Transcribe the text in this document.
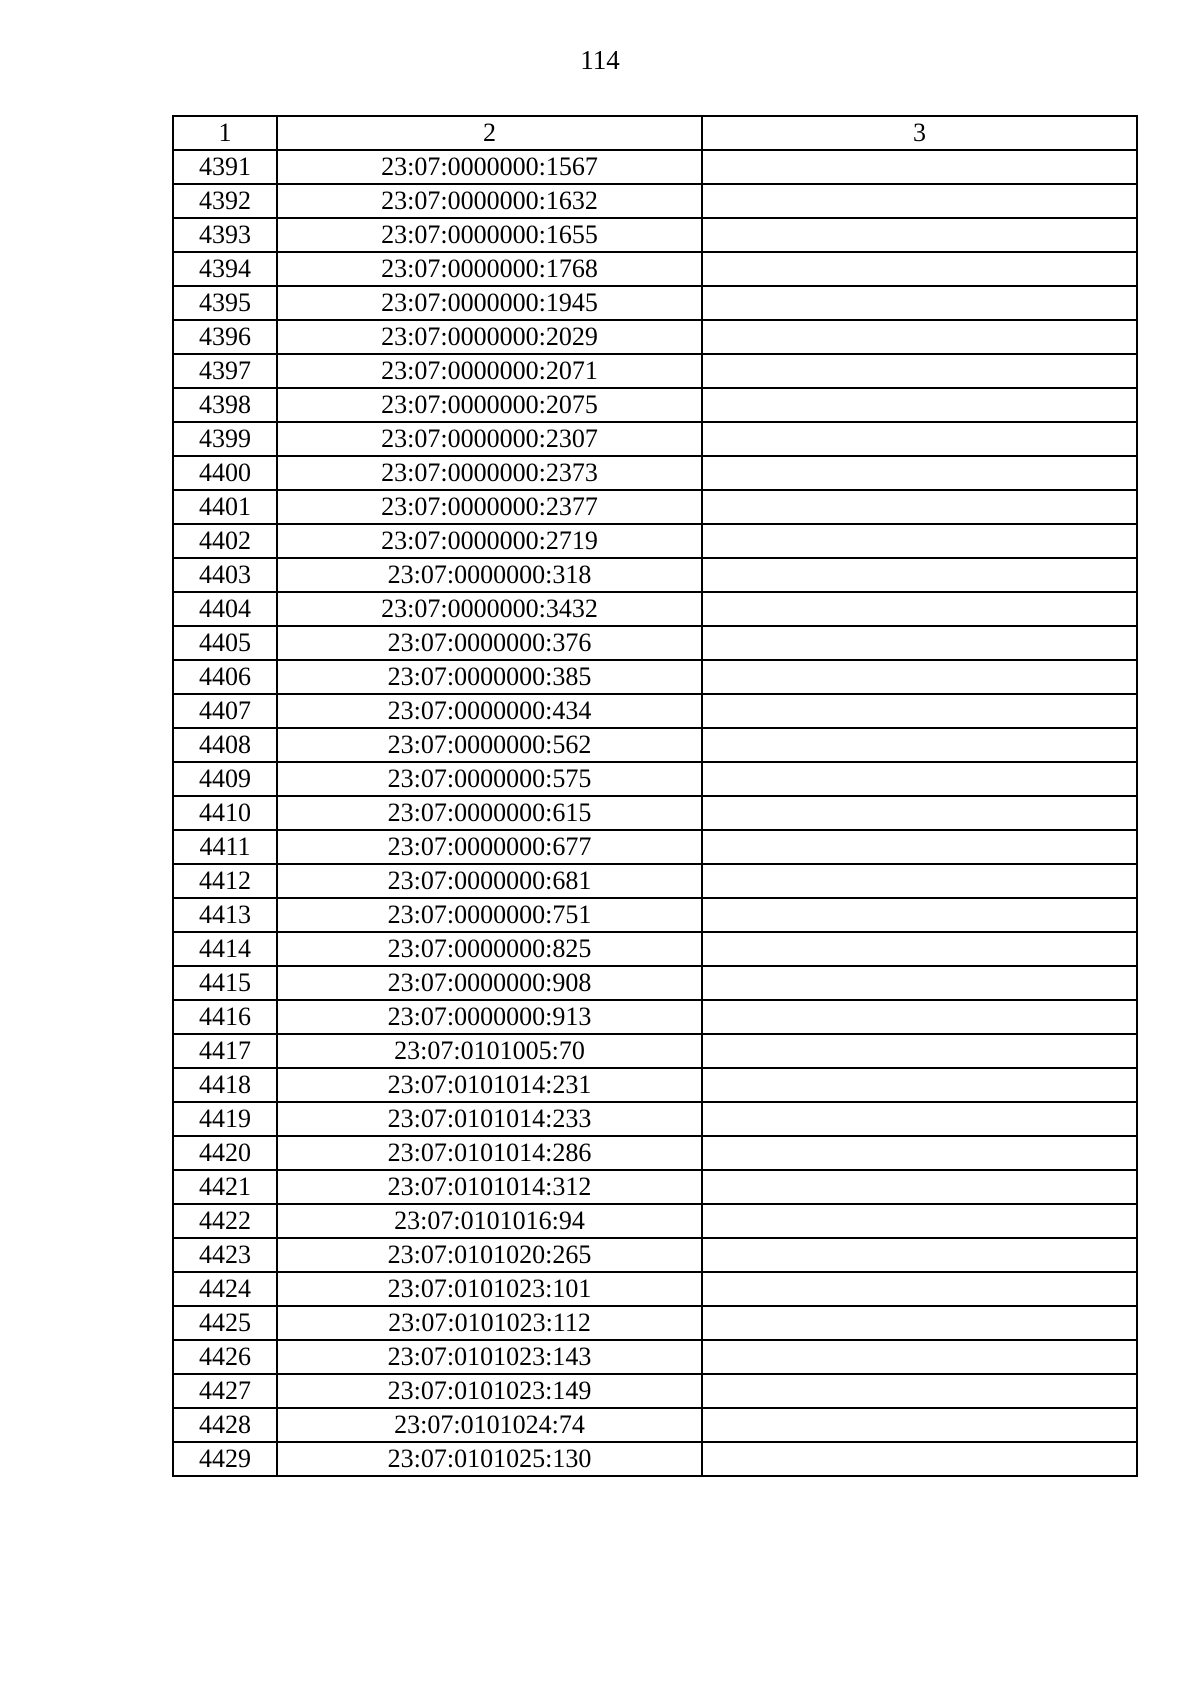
114
1	2	3
4391	23:07:0000000:1567	
4392	23:07:0000000:1632	
4393	23:07:0000000:1655	
4394	23:07:0000000:1768	
4395	23:07:0000000:1945	
4396	23:07:0000000:2029	
4397	23:07:0000000:2071	
4398	23:07:0000000:2075	
4399	23:07:0000000:2307	
4400	23:07:0000000:2373	
4401	23:07:0000000:2377	
4402	23:07:0000000:2719	
4403	23:07:0000000:318	
4404	23:07:0000000:3432	
4405	23:07:0000000:376	
4406	23:07:0000000:385	
4407	23:07:0000000:434	
4408	23:07:0000000:562	
4409	23:07:0000000:575	
4410	23:07:0000000:615	
4411	23:07:0000000:677	
4412	23:07:0000000:681	
4413	23:07:0000000:751	
4414	23:07:0000000:825	
4415	23:07:0000000:908	
4416	23:07:0000000:913	
4417	23:07:0101005:70	
4418	23:07:0101014:231	
4419	23:07:0101014:233	
4420	23:07:0101014:286	
4421	23:07:0101014:312	
4422	23:07:0101016:94	
4423	23:07:0101020:265	
4424	23:07:0101023:101	
4425	23:07:0101023:112	
4426	23:07:0101023:143	
4427	23:07:0101023:149	
4428	23:07:0101024:74	
4429	23:07:0101025:130	
